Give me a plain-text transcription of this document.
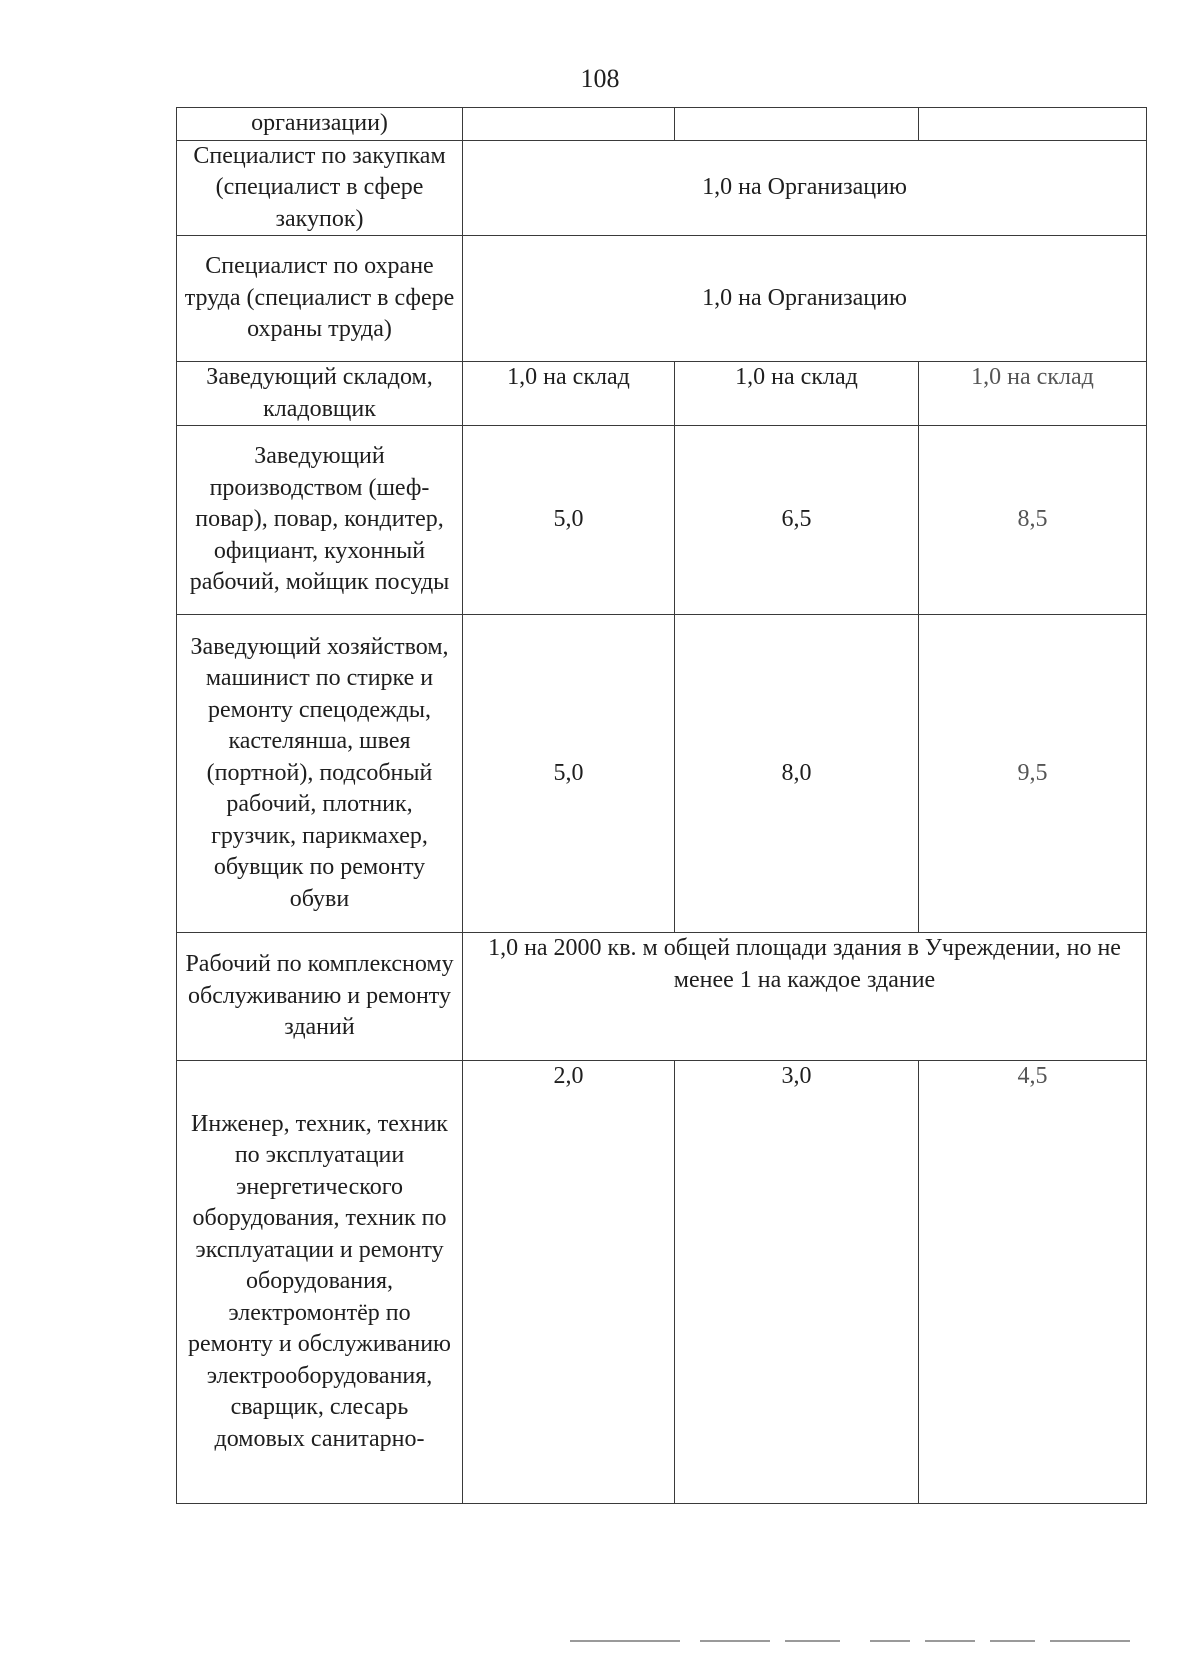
108
организации)			
Специалист по закупкам (специалист в сфере закупок)	1,0 на Организацию		
Специалист по охране труда (специалист в сфере охраны труда)	1,0 на Организацию		
Заведующий складом, кладовщик	1,0 на склад	1,0 на склад	1,0 на склад
Заведующий производством (шеф-повар), повар, кондитер, официант, кухонный рабочий, мойщик посуды	5,0	6,5	8,5
Заведующий хозяйством, машинист по стирке и ремонту спецодежды, кастелянша, швея (портной), подсобный рабочий, плотник, грузчик, парикмахер, обувщик по ремонту обуви	5,0	8,0	9,5
Рабочий по комплексному обслуживанию и ремонту зданий	1,0 на 2000 кв. м общей площади здания в Учреждении, но не менее 1 на каждое здание		
Инженер, техник, техник по эксплуатации энергетического оборудования, техник по эксплуатации и ремонту оборудования, электромонтёр по ремонту и обслуживанию электрооборудования, сварщик, слесарь домовых санитарно-	2,0	3,0	4,5
